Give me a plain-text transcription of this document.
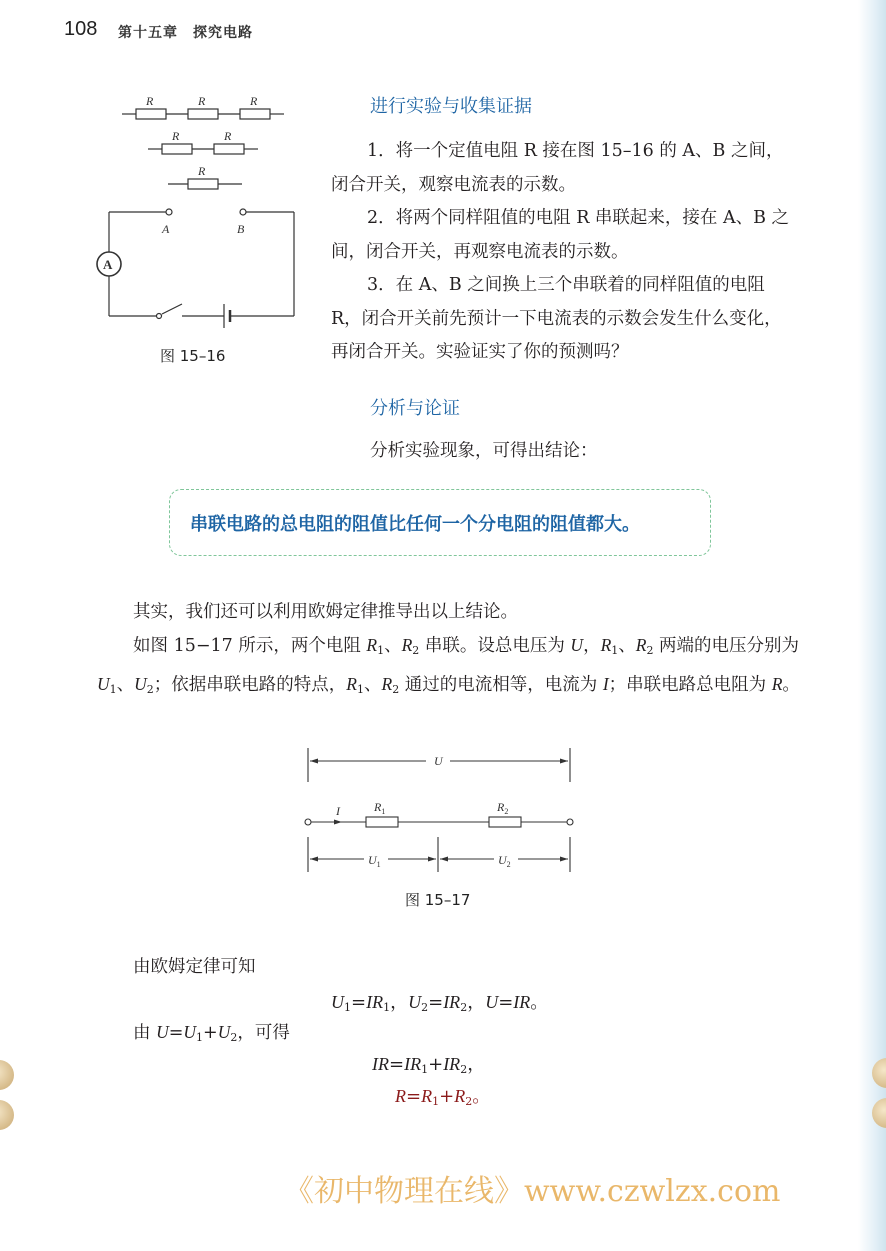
108 第十五章　探究电路
R	R	R
R	R
R
A	B
A
图 15–16
进行实验与收集证据
1．将一个定值电阻 R 接在图 15–16 的 A、B 之间，闭合开关，观察电流表的示数。
2．将两个同样阻值的电阻 R 串联起来，接在 A、B 之间，闭合开关，再观察电流表的示数。
3．在 A、B 之间换上三个串联着的同样阻值的电阻 R，闭合开关前先预计一下电流表的示数会发生什么变化，再闭合开关。实验证实了你的预测吗？
分析与论证
分析实验现象，可得出结论：
串联电路的总电阻的阻值比任何一个分电阻的阻值都大。
其实，我们还可以利用欧姆定律推导出以上结论。
如图 15−17 所示，两个电阻 $R_1$、$R_2$ 串联。设总电压为 U，$R_1$、$R_2$ 两端的电压分别为 $U_1$、$U_2$；依据串联电路的特点，$R_1$、$R_2$ 通过的电流相等，电流为 I；串联电路总电阻为 R。
U
I	$R_1$	$R_2$
$U_1$	$U_2$
图 15–17
由欧姆定律可知
$U_1=IR_1$，$U_2=IR_2$，U=IR。
由 $U=U_1+U_2$，可得
$IR=IR_1+IR_2$，
$R=R_1+R_2$。
《初中物理在线》www.czwlzx.com
